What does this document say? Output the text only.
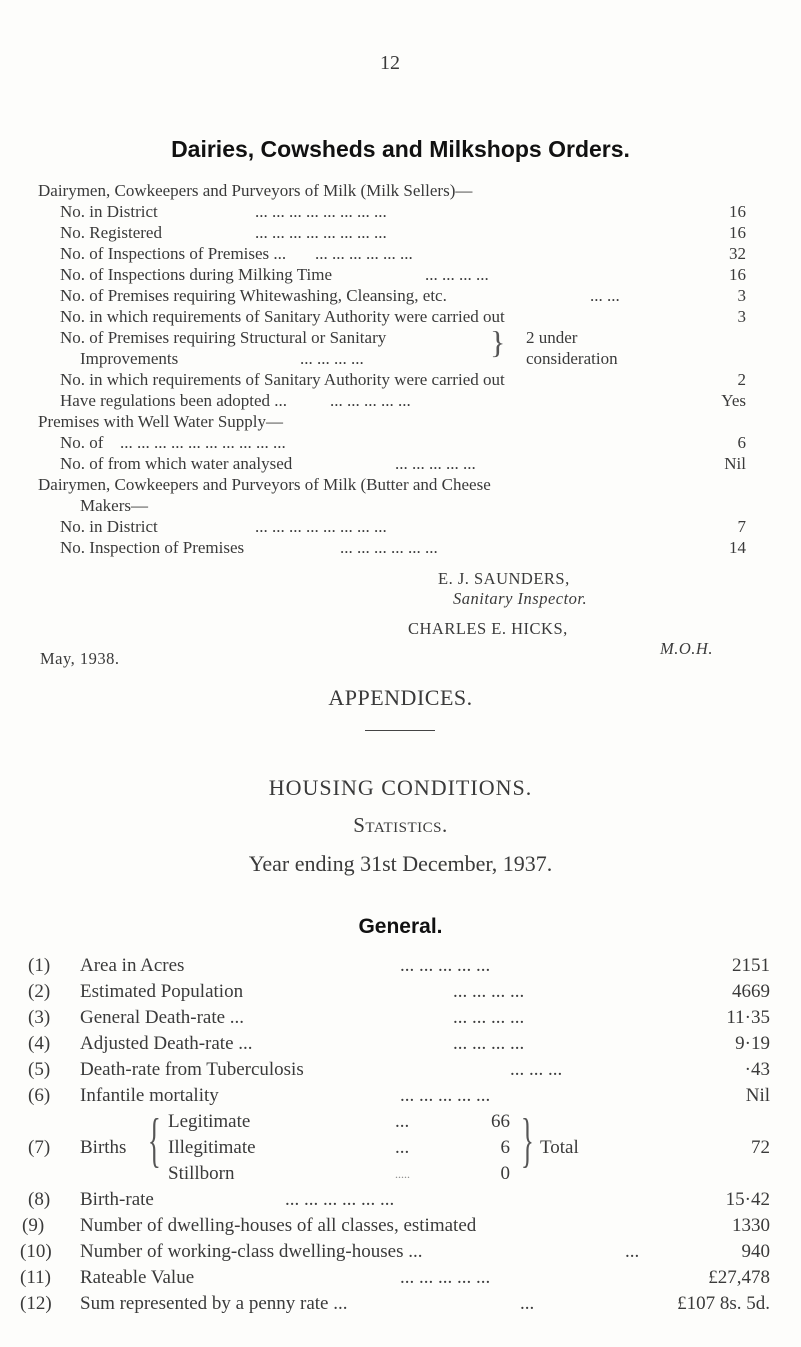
12
Dairies, Cowsheds and Milkshops Orders.
Dairymen, Cowkeepers and Purveyors of Milk (Milk Sellers)—
No. in District	... ... ... ... ... ... ... ...	16
No. Registered	... ... ... ... ... ... ... ...	16
No. of Inspections of Premises ... ... ... ... ... ... ...	32
No. of Inspections during Milking Time	... ... ... ...	16
No. of Premises requiring Whitewashing, Cleansing, etc.	... ...	3
No. in which requirements of Sanitary Authority were carried out	3
No. of Premises requiring Structural or Sanitary
Improvements	... ... ... ...	} 2 under
consideration
No. in which requirements of Sanitary Authority were carried out	2
Have regulations been adopted ...	... ... ... ... ...	Yes
Premises with Well Water Supply—
No. of ... ... ... ... ... ... ... ... ... ...	6
No. of from which water analysed	... ... ... ... ...	Nil
Dairymen, Cowkeepers and Purveyors of Milk (Butter and Cheese
Makers—
No. in District	... ... ... ... ... ... ... ...	7
No. Inspection of Premises	... ... ... ... ... ...	14
E. J. SAUNDERS,
Sanitary Inspector.
CHARLES E. HICKS,
M.O.H.
May, 1938.
APPENDICES.
HOUSING CONDITIONS.
Statistics.
Year ending 31st December, 1937.
General.
(1) Area in Acres	... ... ... ... ...	2151
(2) Estimated Population	... ... ... ...	4669
(3) General Death-rate ...	... ... ... ...	11·35
(4) Adjusted Death-rate ...	... ... ... ...	9·19
(5) Death-rate from Tuberculosis	... ... ...	·43
(6) Infantile mortality	... ... ... ... ...	Nil
(7) Births { Legitimate	...	66
Illegitimate	...	6
Stillborn	.....	0
} Total	72
(8) Birth-rate	... ... ... ... ... ...	15·42
(9) Number of dwelling-houses of all classes, estimated	1330
(10) Number of working-class dwelling-houses ...	...	940
(11) Rateable Value	... ... ... ... ...	£27,478
(12) Sum represented by a penny rate ...	...	£107 8s. 5d.
